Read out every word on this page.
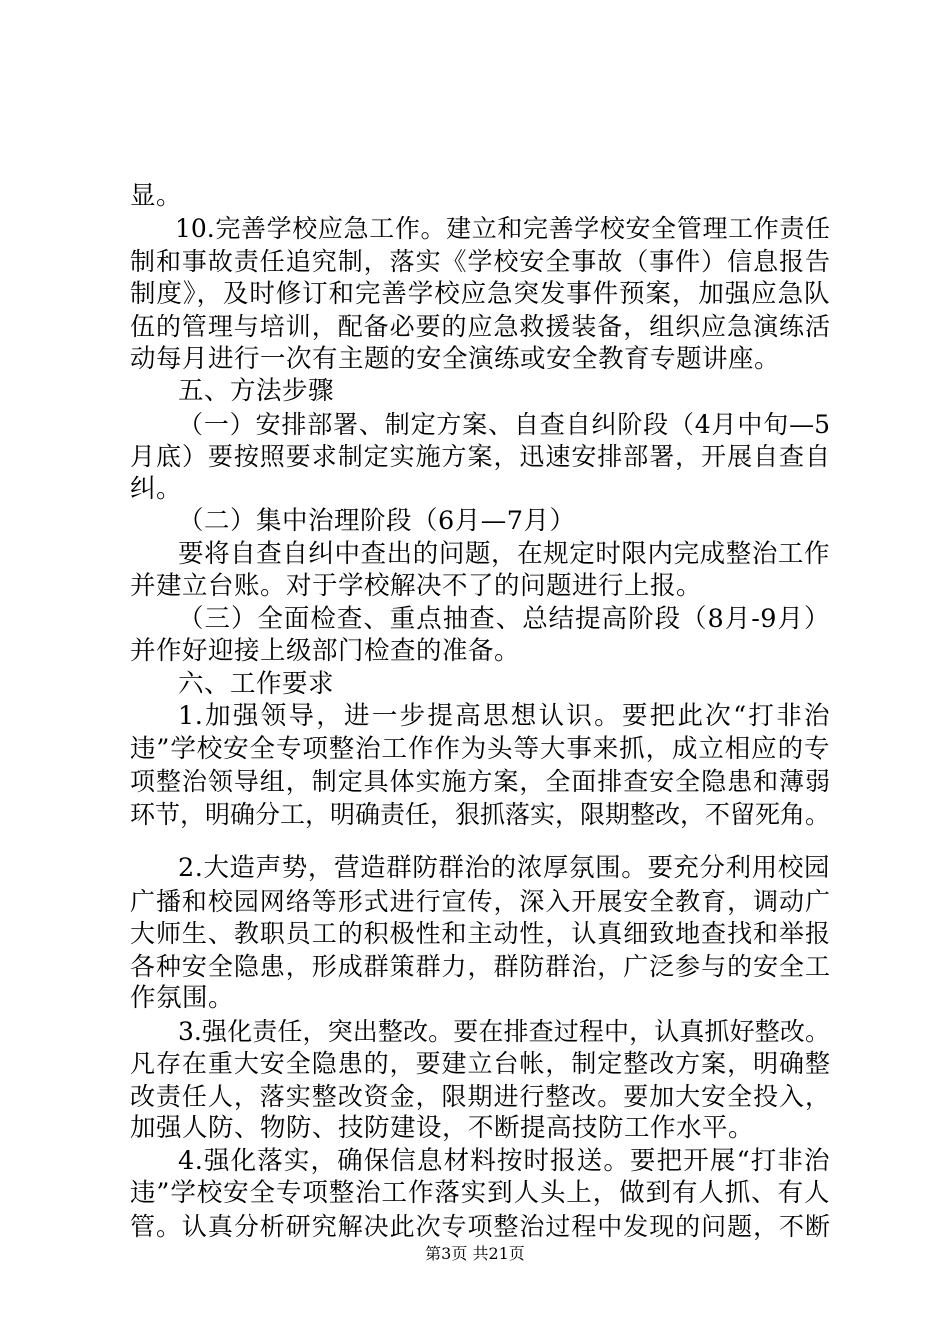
显。
10.完善学校应急工作。建立和完善学校安全管理工作责任
制和事故责任追究制，落实《学校安全事故（事件）信息报告
制度》，及时修订和完善学校应急突发事件预案，加强应急队
伍的管理与培训，配备必要的应急救援装备，组织应急演练活
动每月进行一次有主题的安全演练或安全教育专题讲座。
五、方法步骤
（一）安排部署、制定方案、自查自纠阶段（4月中旬—5
月底）要按照要求制定实施方案，迅速安排部署，开展自查自
纠。
（二）集中治理阶段（6月—7月）
要将自查自纠中查出的问题，在规定时限内完成整治工作
并建立台账。对于学校解决不了的问题进行上报。
（三）全面检查、重点抽查、总结提高阶段（8月-9月）
并作好迎接上级部门检查的准备。
六、工作要求
1.加强领导，进一步提高思想认识。要把此次“打非治
违”学校安全专项整治工作作为头等大事来抓，成立相应的专
项整治领导组，制定具体实施方案，全面排查安全隐患和薄弱
环节，明确分工，明确责任，狠抓落实，限期整改，不留死角。
2.大造声势，营造群防群治的浓厚氛围。要充分利用校园
广播和校园网络等形式进行宣传，深入开展安全教育，调动广
大师生、教职员工的积极性和主动性，认真细致地查找和举报
各种安全隐患，形成群策群力，群防群治，广泛参与的安全工
作氛围。
3.强化责任，突出整改。要在排查过程中，认真抓好整改。
凡存在重大安全隐患的，要建立台帐，制定整改方案，明确整
改责任人，落实整改资金，限期进行整改。要加大安全投入，
加强人防、物防、技防建设，不断提高技防工作水平。
4.强化落实，确保信息材料按时报送。要把开展“打非治
违”学校安全专项整治工作落实到人头上，做到有人抓、有人
管。认真分析研究解决此次专项整治过程中发现的问题，不断
第3页 共21页
